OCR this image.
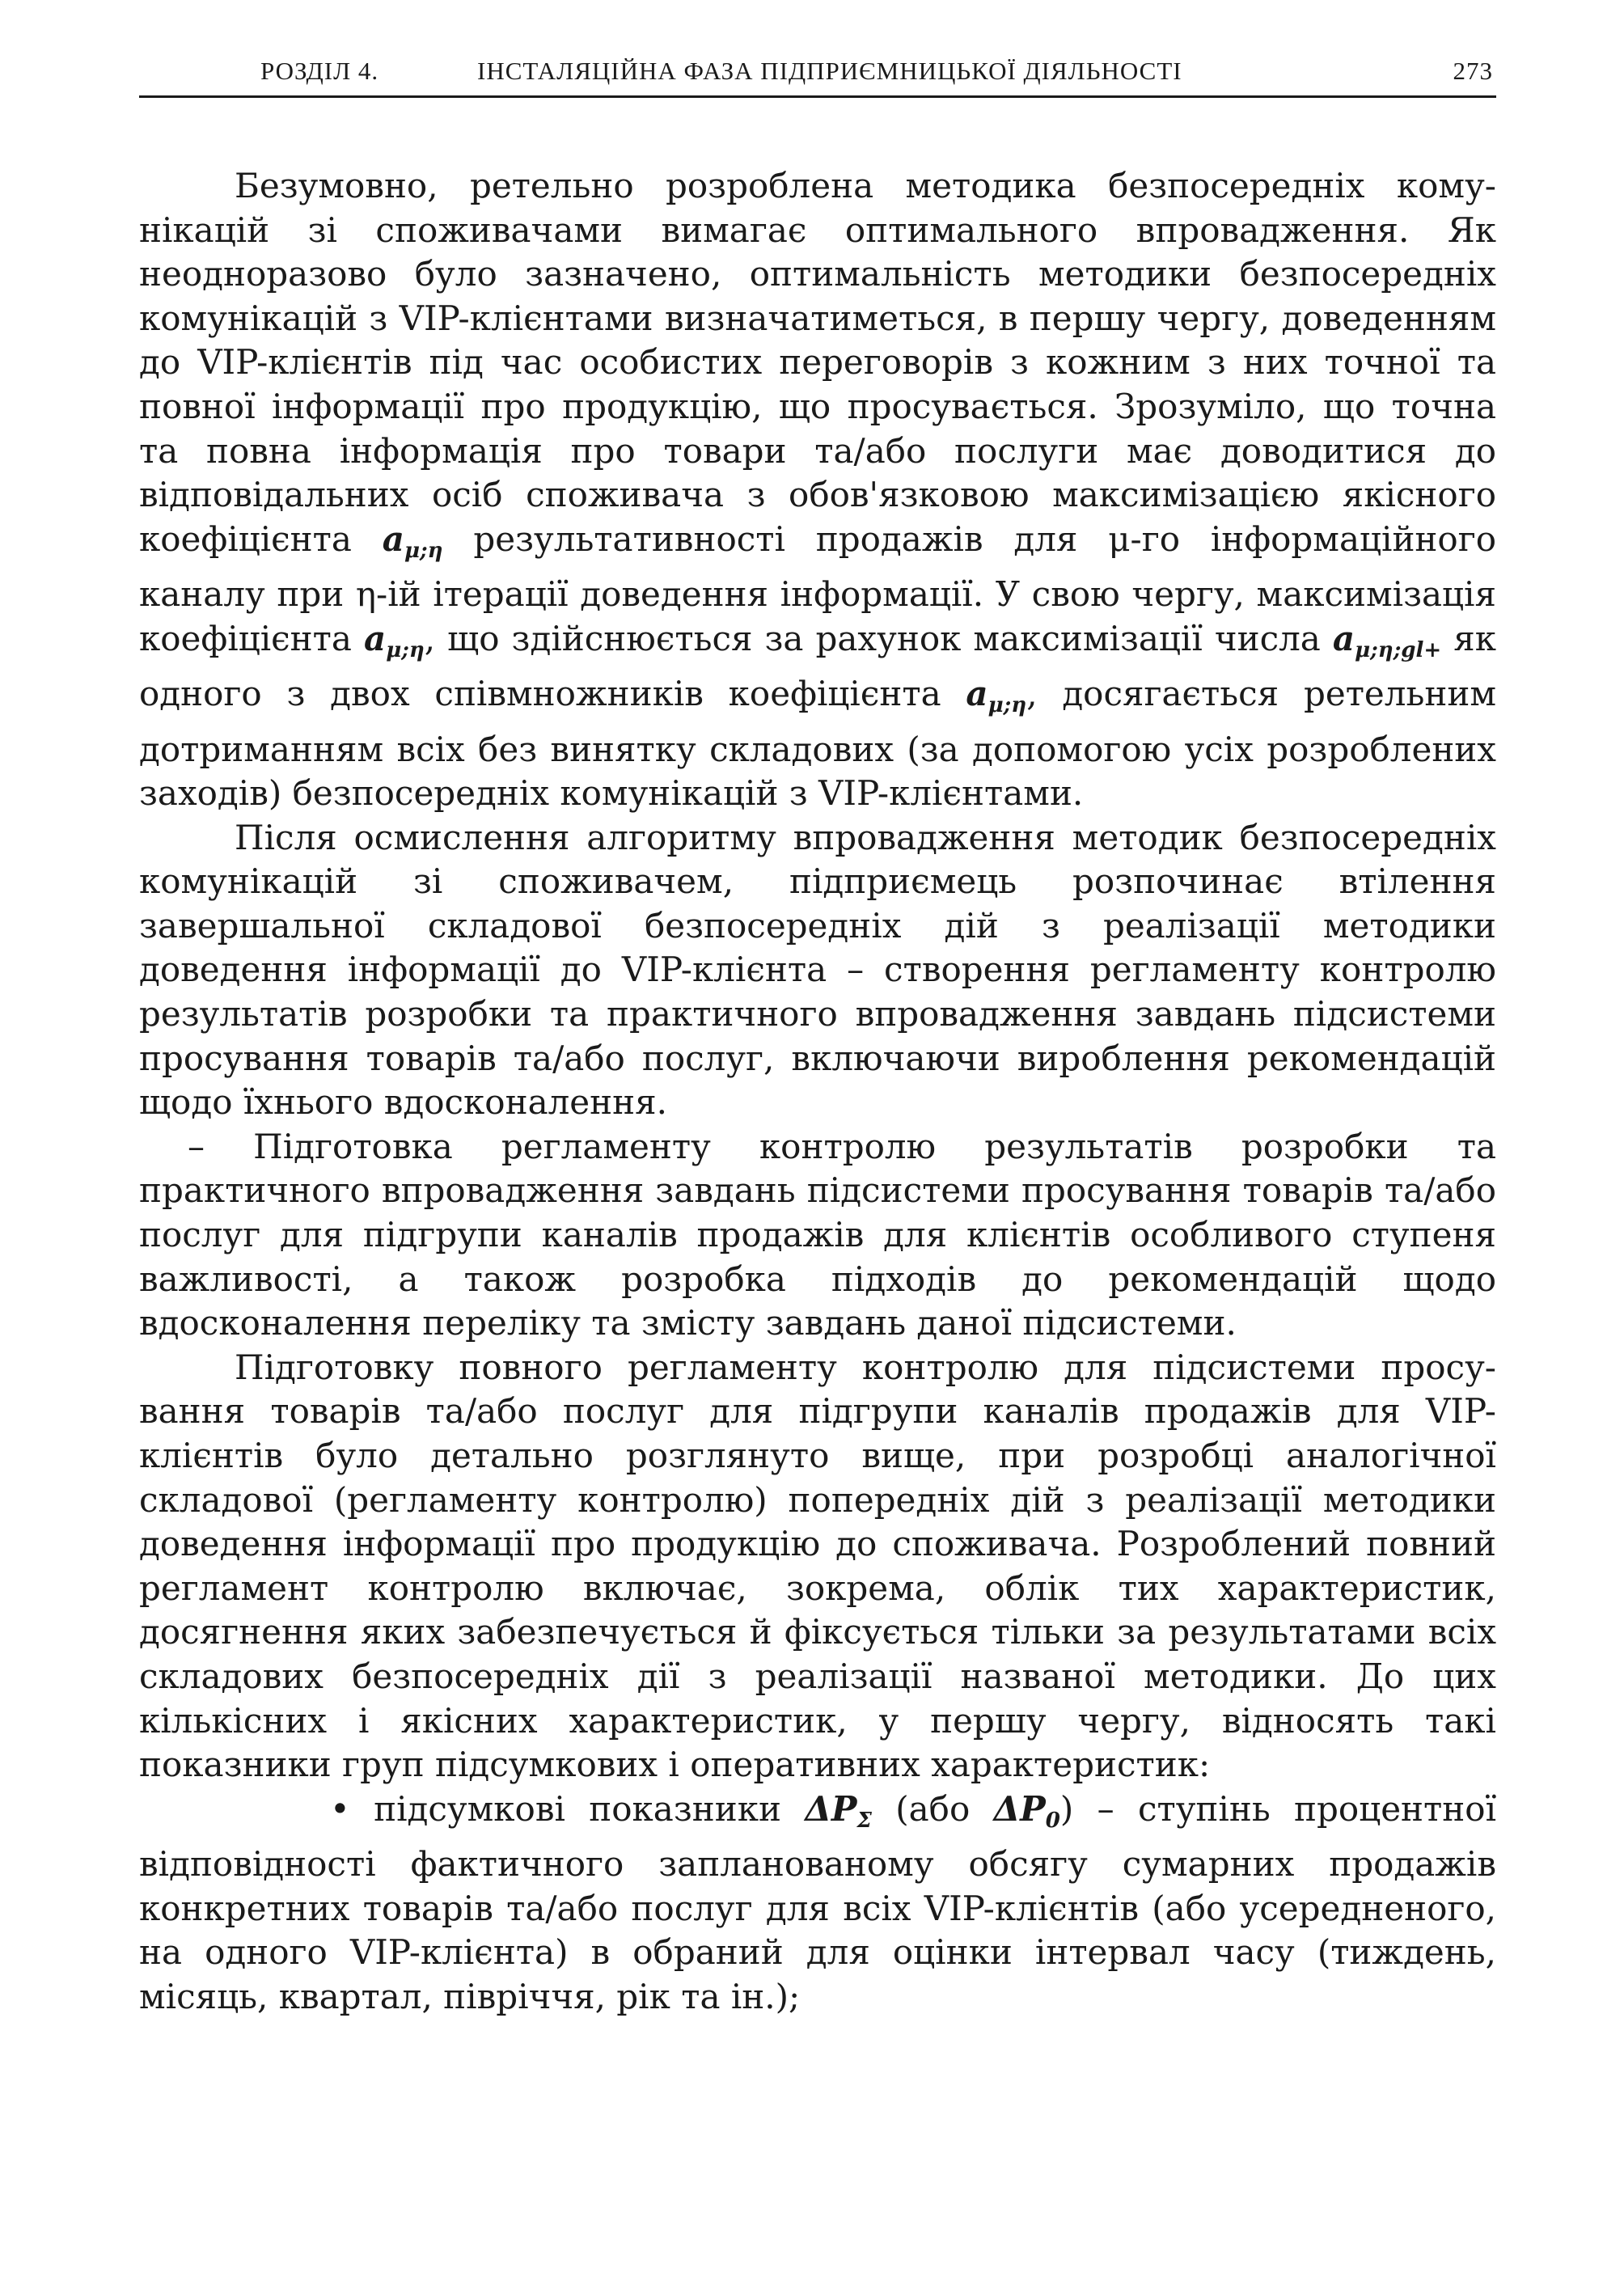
РОЗДІЛ 4.	ІНСТАЛЯЦІЙНА ФАЗА ПІДПРИЄМНИЦЬКОЇ ДІЯЛЬНОСТІ	273

Безумовно, ретельно розроблена методика безпосередніх комунікацій зі споживачами вимагає оптимального впровадження. Як неодноразово було зазначено, оптимальність методики безпосередніх комунікацій з VIP-клієнтами визначатиметься, в першу чергу, доведенням до VIP-клієнтів під час особистих переговорів з кожним з них точної та повної інформації про продукцію, що просувається. Зрозуміло, що точна та повна інформація про товари та/або послуги має доводитися до відповідальних осіб споживача з обов'язковою максимізацією якісного коефіцієнта $a_{\mu;\eta}$ результативності продажів для μ-го інформаційного каналу при η-ій ітерації доведення інформації. У свою чергу, максимізація коефіцієнта $a_{\mu;\eta}$, що здійснюється за рахунок максимізації числа $a_{\mu;\eta;gl+}$ як одного з двох співмножників коефіцієнта $a_{\mu;\eta}$, досягається ретельним дотриманням всіх без винятку складових (за допомогою усіх розроблених заходів) безпосередніх комунікацій з VIP-клієнтами.

Після осмислення алгоритму впровадження методик безпосередніх комунікацій зі споживачем, підприємець розпочинає втілення завершальної складової безпосередніх дій з реалізації методики доведення інформації до VIP-клієнта – створення регламенту контролю результатів розробки та практичного впровадження завдань підсистеми просування товарів та/або послуг, включаючи вироблення рекомендацій щодо їхнього вдосконалення.

– Підготовка регламенту контролю результатів розробки та практичного впровадження завдань підсистеми просування товарів та/або послуг для підгрупи каналів продажів для клієнтів особливого ступеня важливості, а також розробка підходів до рекомендацій щодо вдосконалення переліку та змісту завдань даної підсистеми.

Підготовку повного регламенту контролю для підсистеми просування товарів та/або послуг для підгрупи каналів продажів для VIP-клієнтів було детально розглянуто вище, при розробці аналогічної складової (регламенту контролю) попередніх дій з реалізації методики доведення інформації про продукцію до споживача. Розроблений повний регламент контролю включає, зокрема, облік тих характеристик, досягнення яких забезпечується й фіксується тільки за результатами всіх складових безпосередніх дії з реалізації названої методики. До цих кількісних і якісних характеристик, у першу чергу, відносять такі показники груп підсумкових і оперативних характеристик:

• підсумкові показники $\Delta P_\Sigma$ (або $\Delta P_0$) – ступінь процентної відповідності фактичного запланованому обсягу сумарних продажів конкретних товарів та/або послуг для всіх VIP-клієнтів (або усередненого, на одного VIP-клієнта) в обраний для оцінки інтервал часу (тиждень, місяць, квартал, півріччя, рік та ін.);
